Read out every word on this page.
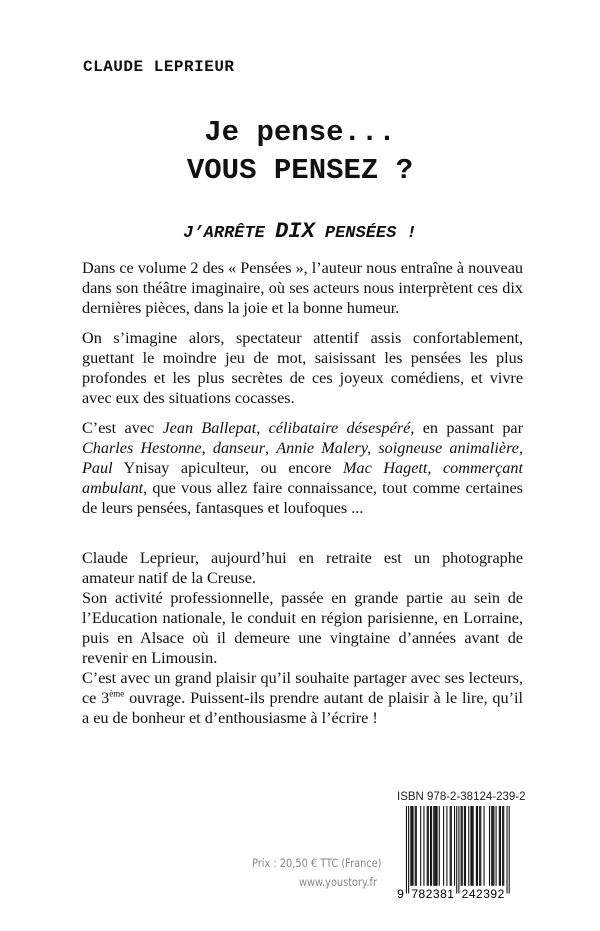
CLAUDE LEPRIEUR
Je pense...
VOUS PENSEZ ?
J’ARRÊTE DIX PENSÉES !

Dans ce volume 2 des « Pensées », l’auteur nous entraîne à nouveau dans son théâtre imaginaire, où ses acteurs nous interprètent ces dix dernières pièces, dans la joie et la bonne humeur.

On s’imagine alors, spectateur attentif assis confortablement, guettant le moindre jeu de mot, saisissant les pensées les plus profondes et les plus secrètes de ces joyeux comédiens, et vivre avec eux des situations cocasses.

C’est avec Jean Ballepat, célibataire désespéré, en passant par Charles Hestonne, danseur, Annie Malery, soigneuse animalière, Paul Ynisay apiculteur, ou encore Mac Hagett, commerçant ambulant, que vous allez faire connaissance, tout comme certaines de leurs pensées, fantasques et loufoques ...

Claude Leprieur, aujourd’hui en retraite est un photographe amateur natif de la Creuse.

Son activité professionnelle, passée en grande partie au sein de l’Education nationale, le conduit en région parisienne, en Lorraine, puis en Alsace où il demeure une vingtaine d’années avant de revenir en Limousin.

C’est avec un grand plaisir qu’il souhaite partager avec ses lecteurs, ce 3ème ouvrage. Puissent-ils prendre autant de plaisir à le lire, qu’il a eu de bonheur et d’enthousiasme à l’écrire !

Prix : 20,50 € TTC (France)
www.youstory.fr
ISBN 978-2-38124-239-2
9 782381 242392
